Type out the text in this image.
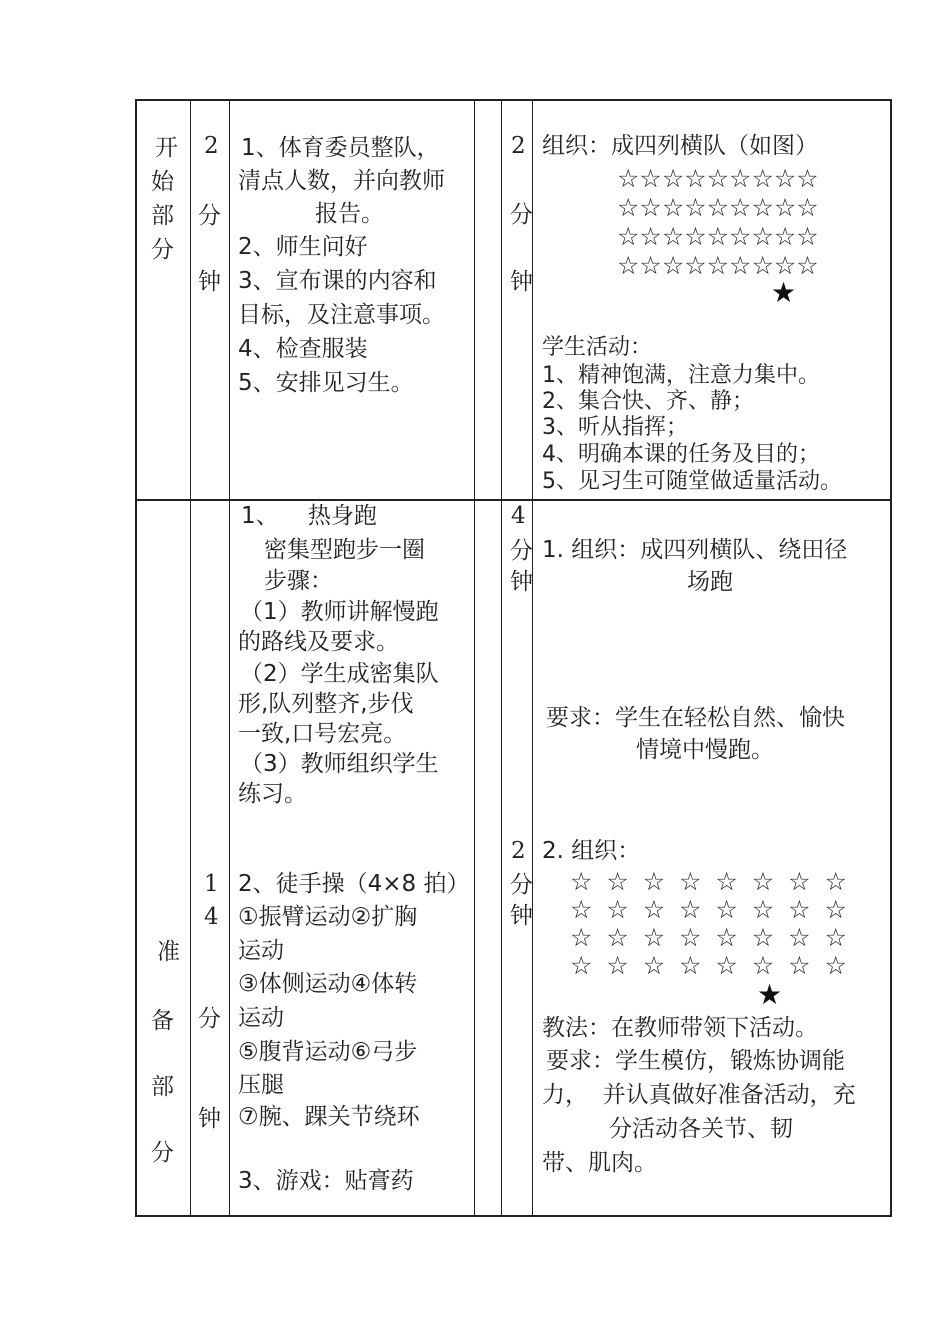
开
始
部
分
2
分
钟
1、体育委员整队，
清点人数，并向教师
报告。
2、师生问好
3、宣布课的内容和
目标，及注意事项。
4、检查服装
5、安排见习生。
2
分
钟
组织：成四列横队（如图）
☆☆☆☆☆☆☆☆☆
☆☆☆☆☆☆☆☆☆
☆☆☆☆☆☆☆☆☆
☆☆☆☆☆☆☆☆☆
★
学生活动：
1、精神饱满，注意力集中。
2、集合快、齐、静；
3、听从指挥；
4、明确本课的任务及目的；
5、见习生可随堂做适量活动。
准
备
部
分
1
4
分
钟
1、    热身跑
密集型跑步一圈
步骤：
（1）教师讲解慢跑
的路线及要求。
（2）学生成密集队
形,队列整齐,步伐
一致,口号宏亮。
（3）教师组织学生
练习。
2、徒手操（4×8 拍）
①振臂运动②扩胸
运动
③体侧运动④体转
运动
⑤腹背运动⑥弓步
压腿
⑦腕、踝关节绕环
3、游戏：贴膏药
4
分
钟
1. 组织：成四列横队、绕田径
场跑
要求：学生在轻松自然、愉快
情境中慢跑。
2
分
钟
2. 组织：
☆ ☆ ☆ ☆ ☆ ☆ ☆ ☆
☆ ☆ ☆ ☆ ☆ ☆ ☆ ☆
☆ ☆ ☆ ☆ ☆ ☆ ☆ ☆
☆ ☆ ☆ ☆ ☆ ☆ ☆ ☆
★
教法：在教师带领下活动。
要求：学生模仿，锻炼协调能
力，  并认真做好准备活动，充
分活动各关节、韧
带、肌肉。
